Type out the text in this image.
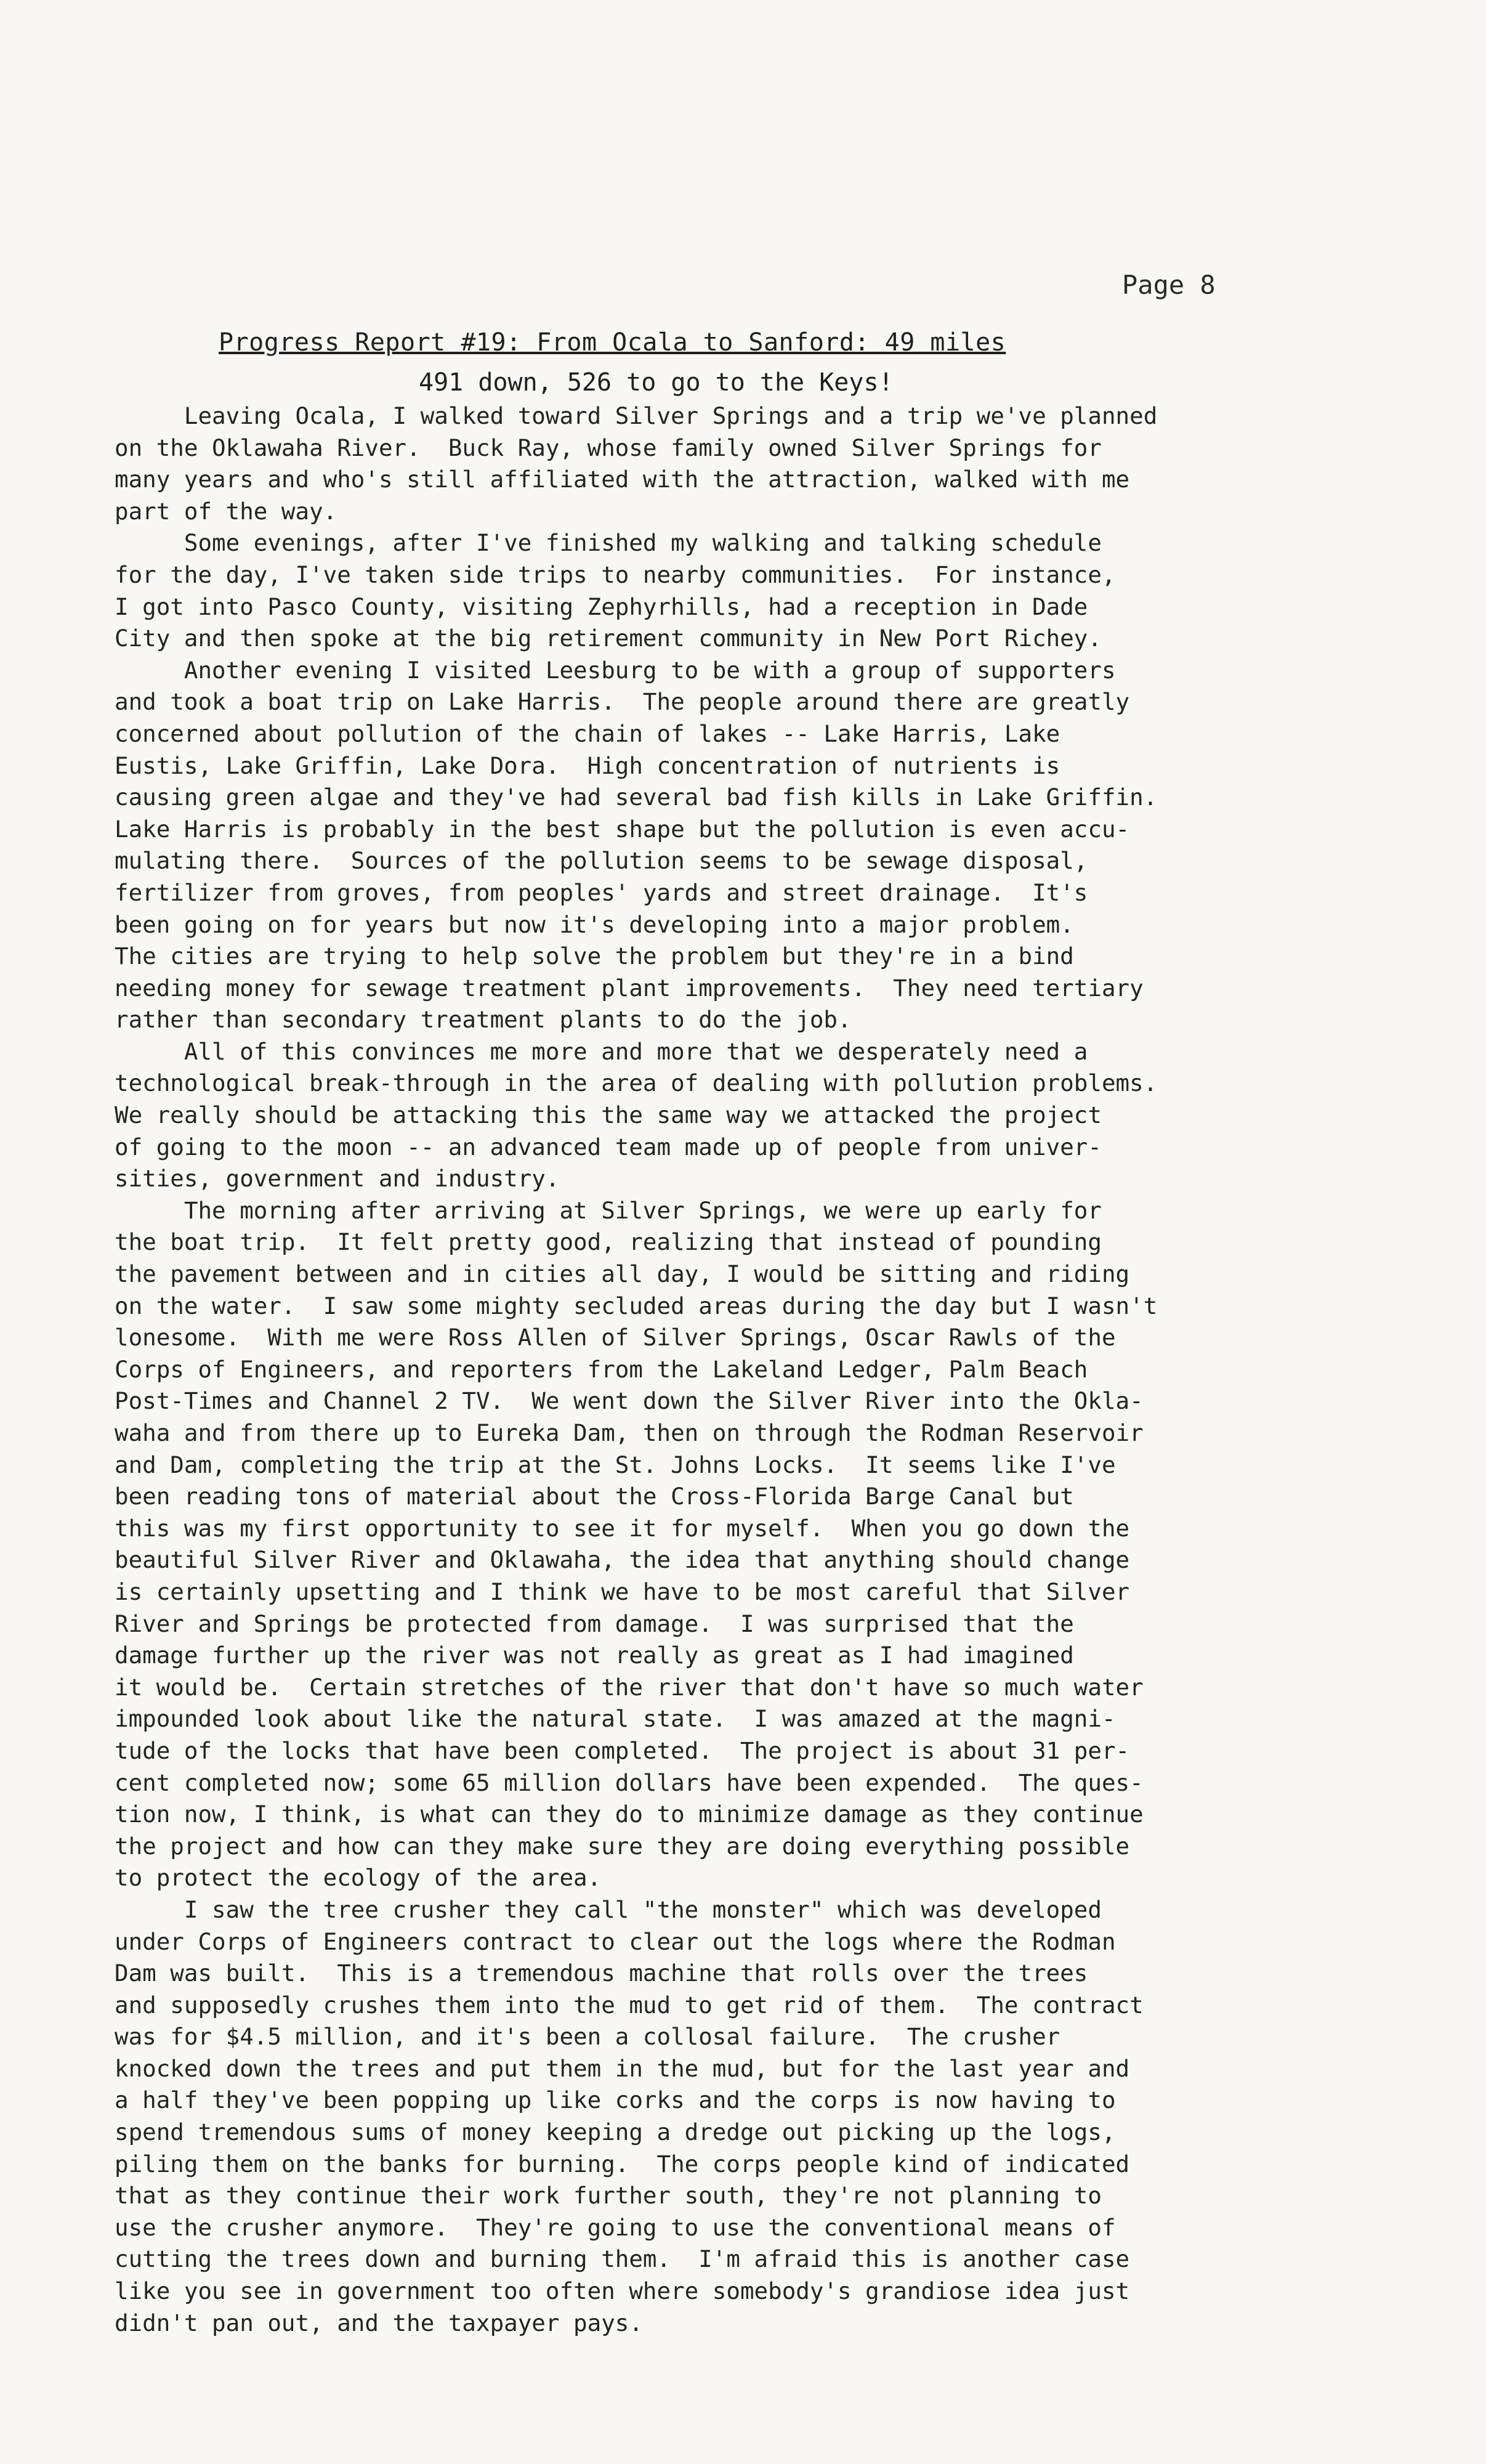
Page 8
Progress Report #19: From Ocala to Sanford: 49 miles
491 down, 526 to go to the Keys!

Leaving Ocala, I walked toward Silver Springs and a trip we've planned
on the Oklawaha River.  Buck Ray, whose family owned Silver Springs for
many years and who's still affiliated with the attraction, walked with me
part of the way.

Some evenings, after I've finished my walking and talking schedule
for the day, I've taken side trips to nearby communities.  For instance,
I got into Pasco County, visiting Zephyrhills, had a reception in Dade
City and then spoke at the big retirement community in New Port Richey.

Another evening I visited Leesburg to be with a group of supporters
and took a boat trip on Lake Harris.  The people around there are greatly
concerned about pollution of the chain of lakes -- Lake Harris, Lake
Eustis, Lake Griffin, Lake Dora.  High concentration of nutrients is
causing green algae and they've had several bad fish kills in Lake Griffin.
Lake Harris is probably in the best shape but the pollution is even accu-
mulating there.  Sources of the pollution seems to be sewage disposal,
fertilizer from groves, from peoples' yards and street drainage.  It's
been going on for years but now it's developing into a major problem.
The cities are trying to help solve the problem but they're in a bind
needing money for sewage treatment plant improvements.  They need tertiary
rather than secondary treatment plants to do the job.

All of this convinces me more and more that we desperately need a
technological break-through in the area of dealing with pollution problems.
We really should be attacking this the same way we attacked the project
of going to the moon -- an advanced team made up of people from univer-
sities, government and industry.

The morning after arriving at Silver Springs, we were up early for
the boat trip.  It felt pretty good, realizing that instead of pounding
the pavement between and in cities all day, I would be sitting and riding
on the water.  I saw some mighty secluded areas during the day but I wasn't
lonesome.  With me were Ross Allen of Silver Springs, Oscar Rawls of the
Corps of Engineers, and reporters from the Lakeland Ledger, Palm Beach
Post-Times and Channel 2 TV.  We went down the Silver River into the Okla-
waha and from there up to Eureka Dam, then on through the Rodman Reservoir
and Dam, completing the trip at the St. Johns Locks.  It seems like I've
been reading tons of material about the Cross-Florida Barge Canal but
this was my first opportunity to see it for myself.  When you go down the
beautiful Silver River and Oklawaha, the idea that anything should change
is certainly upsetting and I think we have to be most careful that Silver
River and Springs be protected from damage.  I was surprised that the
damage further up the river was not really as great as I had imagined
it would be.  Certain stretches of the river that don't have so much water
impounded look about like the natural state.  I was amazed at the magni-
tude of the locks that have been completed.  The project is about 31 per-
cent completed now; some 65 million dollars have been expended.  The ques-
tion now, I think, is what can they do to minimize damage as they continue
the project and how can they make sure they are doing everything possible
to protect the ecology of the area.

I saw the tree crusher they call "the monster" which was developed
under Corps of Engineers contract to clear out the logs where the Rodman
Dam was built.  This is a tremendous machine that rolls over the trees
and supposedly crushes them into the mud to get rid of them.  The contract
was for $4.5 million, and it's been a collosal failure.  The crusher
knocked down the trees and put them in the mud, but for the last year and
a half they've been popping up like corks and the corps is now having to
spend tremendous sums of money keeping a dredge out picking up the logs,
piling them on the banks for burning.  The corps people kind of indicated
that as they continue their work further south, they're not planning to
use the crusher anymore.  They're going to use the conventional means of
cutting the trees down and burning them.  I'm afraid this is another case
like you see in government too often where somebody's grandiose idea just
didn't pan out, and the taxpayer pays.
